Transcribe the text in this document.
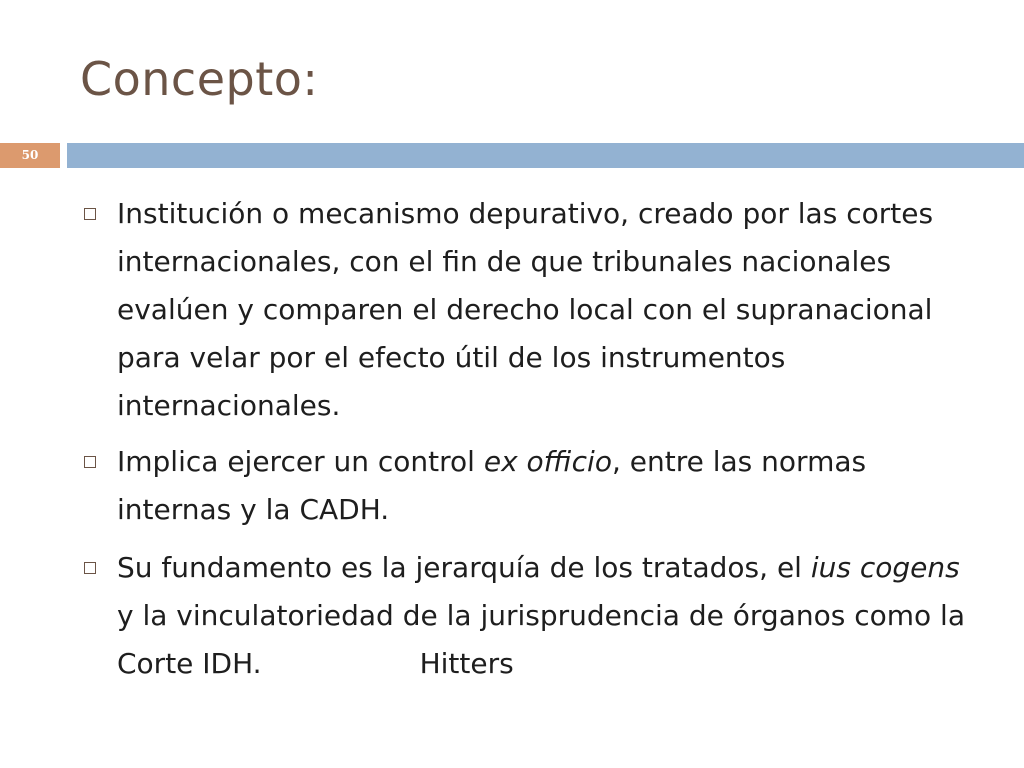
Concepto:
50
Institución o mecanismo depurativo, creado por las cortes internacionales, con el fin de que tribunales nacionales evalúen y comparen el derecho local con el supranacional para velar por el efecto útil de los instrumentos internacionales.
Implica ejercer un control ex officio, entre las normas internas y la CADH.
Su fundamento es la jerarquía de los tratados, el ius cogens y la vinculatoriedad de la jurisprudencia de órganos como la Corte IDH.	Hitters
